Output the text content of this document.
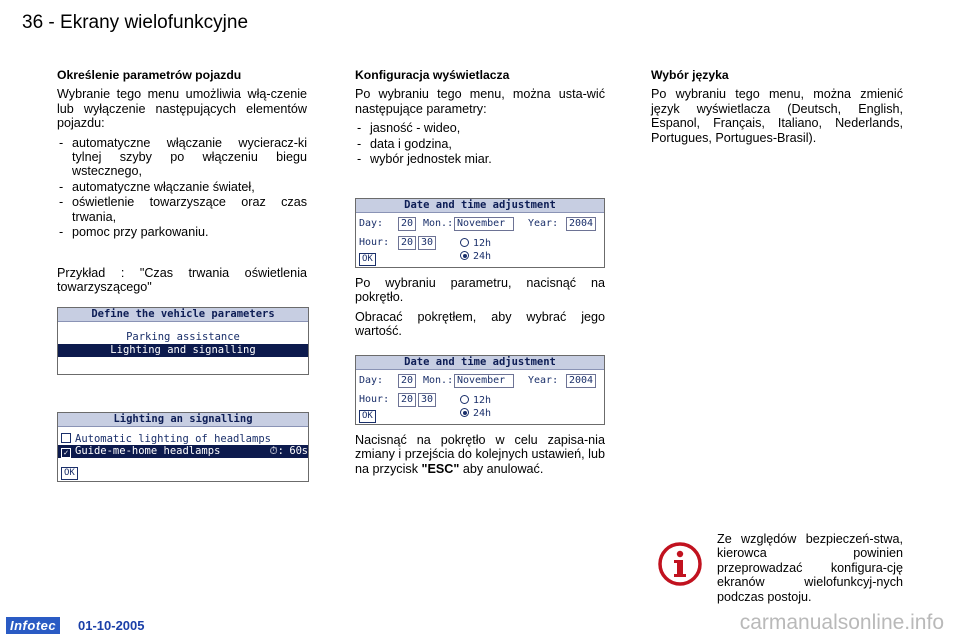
36 - Ekrany wielofunkcyjne
Określenie parametrów pojazdu

Wybranie tego menu umożliwia włą-czenie lub wyłączenie następujących elementów pojazdu:

- automatyczne włączanie wycieracz-ki tylnej szyby po włączeniu biegu wstecznego,
- automatyczne włączanie świateł,
- oświetlenie towarzyszące oraz czas trwania,
- pomoc przy parkowaniu.

Przykład : "Czas trwania oświetlenia towarzyszącego"

Define the vehicle parameters
Parking assistance
Lighting and signalling
Lighting an signalling
Automatic lighting of headlamps
✓ Guide-me-home headlamps	⏱: 60 s
OK
Konfiguracja wyświetlacza

Po wybraniu tego menu, można usta-wić następujące parametry:

- jasność - wideo,
- data i godzina,
- wybór jednostek miar.
Date and time adjustment
Day:	20 Mon.: November	Year:	2004
Hour:	20 30	12h
24h
OK

Po wybraniu parametru, nacisnąć na pokrętło.

Obracać pokrętłem, aby wybrać jego wartość.

Date and time adjustment
Day:	20 Mon.: November	Year:	2004
Hour:	20 30	12h
24h
OK

Nacisnąć na pokrętło w celu zapisa-nia zmiany i przejścia do kolejnych ustawień, lub na przycisk "ESC" aby anulować.

Wybór języka

Po wybraniu tego menu, można zmienić język wyświetlacza (Deutsch, English, Espanol, Français, Italiano, Nederlands, Portugues, Portugues-Brasil).

Ze względów bezpieczeń-stwa, kierowca powinien przeprowadzać konfigura-cję ekranów wielofunkcyj-nych podczas postoju.

Infotec	01-10-2005	carmanualsonline.info
